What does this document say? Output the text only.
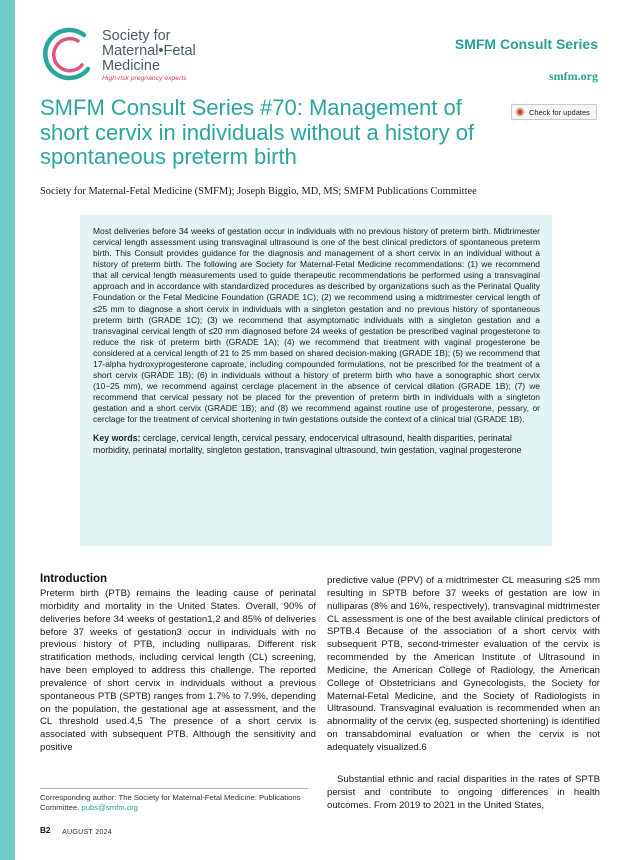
Society for
Maternal•Fetal
Medicine
High-risk pregnancy experts
SMFM Consult Series
smfm.org
SMFM Consult Series #70: Management of short cervix in individuals without a history of spontaneous preterm birth
Check for updates
Society for Maternal-Fetal Medicine (SMFM); Joseph Biggio, MD, MS; SMFM Publications Committee

Most deliveries before 34 weeks of gestation occur in individuals with no previous history of preterm birth. Midtrimester cervical length assessment using transvaginal ultrasound is one of the best clinical predictors of spontaneous preterm birth. This Consult provides guidance for the diagnosis and management of a short cervix in an individual without a history of preterm birth. The following are Society for Maternal-Fetal Medicine recommendations: (1) we recommend that all cervical length measurements used to guide therapeutic recommendations be performed using a transvaginal approach and in accordance with standardized procedures as described by organizations such as the Perinatal Quality Foundation or the Fetal Medicine Foundation (GRADE 1C); (2) we recommend using a midtrimester cervical length of ≤25 mm to diagnose a short cervix in individuals with a singleton gestation and no previous history of spontaneous preterm birth (GRADE 1C); (3) we recommend that asymptomatic individuals with a singleton gestation and a transvaginal cervical length of ≤20 mm diagnosed before 24 weeks of gestation be prescribed vaginal progesterone to reduce the risk of preterm birth (GRADE 1A); (4) we recommend that treatment with vaginal progesterone be considered at a cervical length of 21 to 25 mm based on shared decision-making (GRADE 1B); (5) we recommend that 17-alpha hydroxyprogesterone caproate, including compounded formulations, not be prescribed for the treatment of a short cervix (GRADE 1B); (6) in individuals without a history of preterm birth who have a sonographic short cervix (10−25 mm), we recommend against cerclage placement in the absence of cervical dilation (GRADE 1B); (7) we recommend that cervical pessary not be placed for the prevention of preterm birth in individuals with a singleton gestation and a short cervix (GRADE 1B); and (8) we recommend against routine use of progesterone, pessary, or cerclage for the treatment of cervical shortening in twin gestations outside the context of a clinical trial (GRADE 1B).

Key words: cerclage, cervical length, cervical pessary, endocervical ultrasound, health disparities, perinatal morbidity, perinatal mortality, singleton gestation, transvaginal ultrasound, twin gestation, vaginal progesterone

Introduction

Preterm birth (PTB) remains the leading cause of perinatal morbidity and mortality in the United States. Overall, 90% of deliveries before 34 weeks of gestation1,2 and 85% of deliveries before 37 weeks of gestation3 occur in individuals with no previous history of PTB, including nulliparas. Different risk stratification methods, including cervical length (CL) screening, have been employed to address this challenge. The reported prevalence of short cervix in individuals without a previous spontaneous PTB (SPTB) ranges from 1.7% to 7.9%, depending on the population, the gestational age at assessment, and the CL threshold used.4,5 The presence of a short cervix is associated with subsequent PTB. Although the sensitivity and positive

predictive value (PPV) of a midtrimester CL measuring ≤25 mm resulting in SPTB before 37 weeks of gestation are low in nulliparas (8% and 16%, respectively), transvaginal midtrimester CL assessment is one of the best available clinical predictors of SPTB.4 Because of the association of a short cervix with subsequent PTB, second-trimester evaluation of the cervix is recommended by the American Institute of Ultrasound in Medicine, the American College of Radiology, the American College of Obstetricians and Gynecologists, the Society for Maternal-Fetal Medicine, and the Society of Radiologists in Ultrasound. Transvaginal evaluation is recommended when an abnormality of the cervix (eg, suspected shortening) is identified on transabdominal evaluation or when the cervix is not adequately visualized.6

Substantial ethnic and racial disparities in the rates of SPTB persist and contribute to ongoing differences in health outcomes. From 2019 to 2021 in the United States,

Corresponding author: The Society for Maternal-Fetal Medicine: Publications Committee. pubs@smfm.org

B2 AUGUST 2024
